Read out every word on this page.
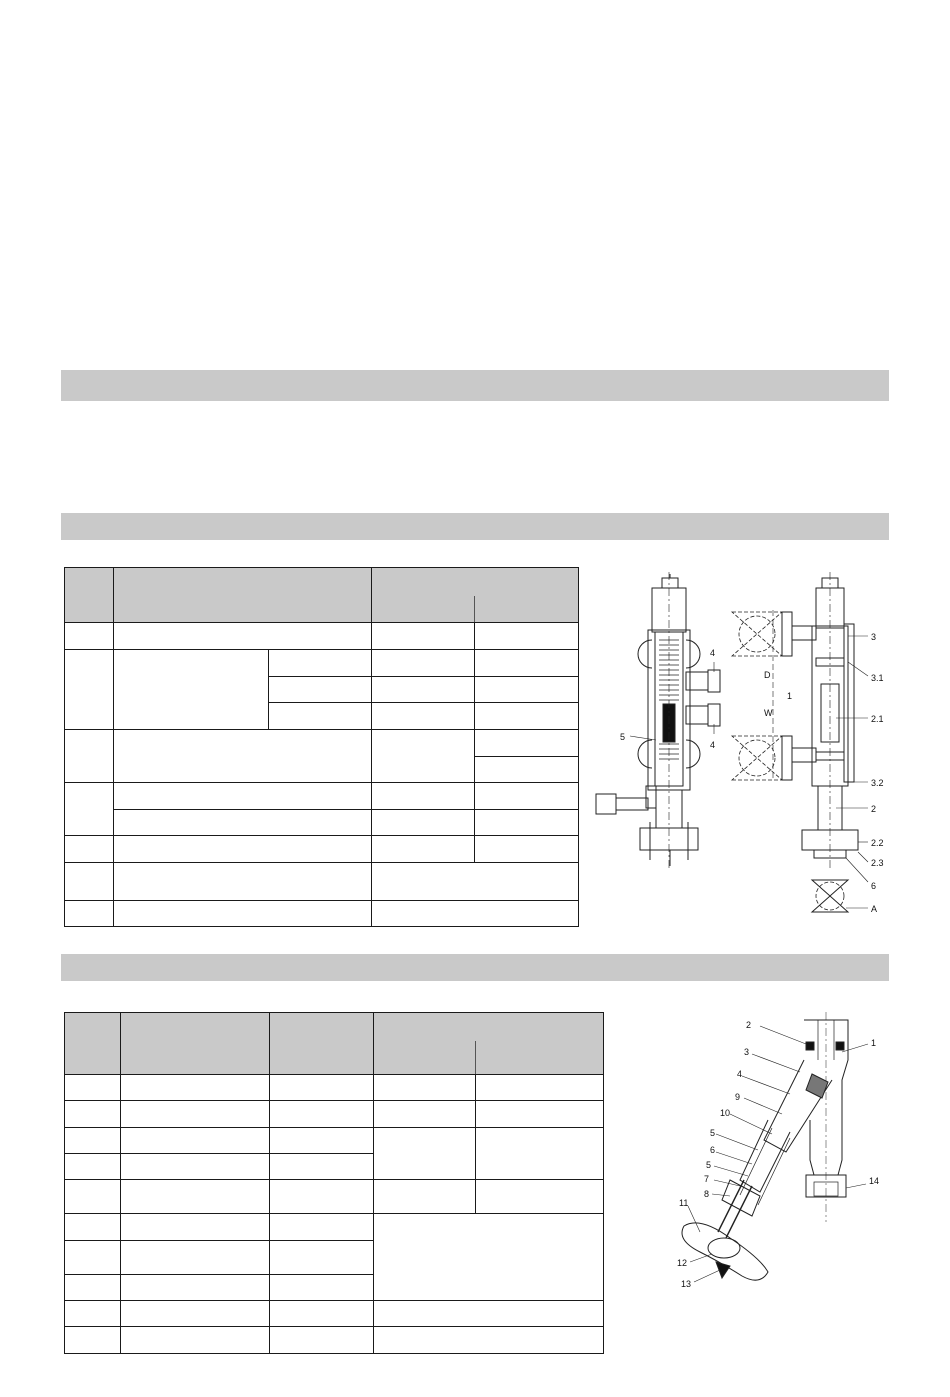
4
4
5
D
W
1
3
3.1
2.1
3.2
2
2.2
2.3
6
A
2
1
3
4
9
10
5
6
5
7
8
14
11
12
13
